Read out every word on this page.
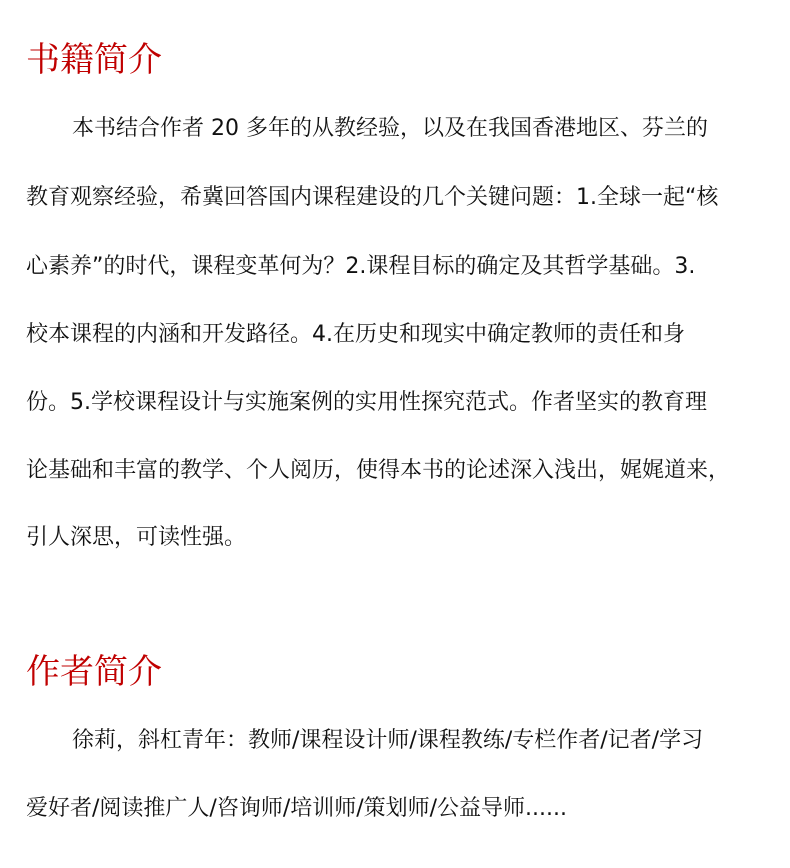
书籍简介

本书结合作者 20 多年的从教经验，以及在我国香港地区、芬兰的

教育观察经验，希冀回答国内课程建设的几个关键问题：1.全球一起“核

心素养”的时代，课程变革何为？2.课程目标的确定及其哲学基础。3.

校本课程的内涵和开发路径。4.在历史和现实中确定教师的责任和身

份。5.学校课程设计与实施案例的实用性探究范式。作者坚实的教育理

论基础和丰富的教学、个人阅历，使得本书的论述深入浅出，娓娓道来，

引人深思，可读性强。

作者简介

徐莉，斜杠青年：教师/课程设计师/课程教练/专栏作者/记者/学习

爱好者/阅读推广人/咨询师/培训师/策划师/公益导师......
